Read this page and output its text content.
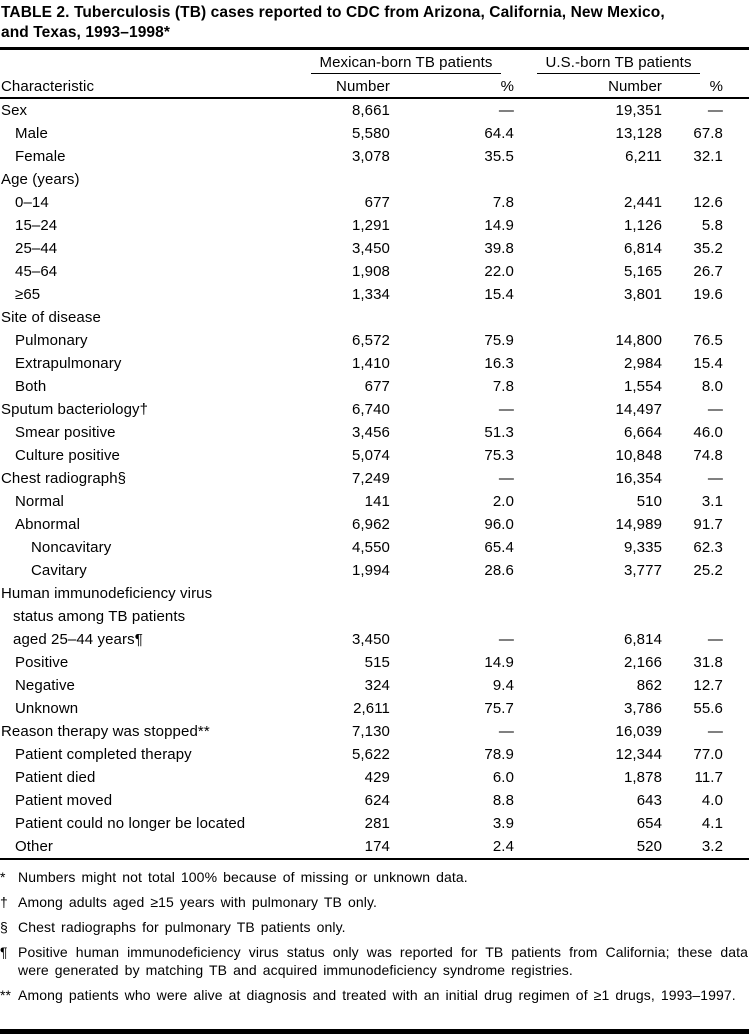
TABLE 2. Tuberculosis (TB) cases reported to CDC from Arizona, California, New Mexico,
and Texas, 1993–1998*
	Mexican-born TB patients		U.S.-born TB patients	
Characteristic	Number	%	Number	%
Sex	8,661	—	19,351	—
Male	5,580	64.4	13,128	67.8
Female	3,078	35.5	6,211	32.1
Age (years)				
0–14	677	7.8	2,441	12.6
15–24	1,291	14.9	1,126	5.8
25–44	3,450	39.8	6,814	35.2
45–64	1,908	22.0	5,165	26.7
≥65	1,334	15.4	3,801	19.6
Site of disease				
Pulmonary	6,572	75.9	14,800	76.5
Extrapulmonary	1,410	16.3	2,984	15.4
Both	677	7.8	1,554	8.0
Sputum bacteriology†	6,740	—	14,497	—
Smear positive	3,456	51.3	6,664	46.0
Culture positive	5,074	75.3	10,848	74.8
Chest radiograph§	7,249	—	16,354	—
Normal	141	2.0	510	3.1
Abnormal	6,962	96.0	14,989	91.7
Noncavitary	4,550	65.4	9,335	62.3
Cavitary	1,994	28.6	3,777	25.2

Human immunodeficiency virus
status among TB patients
aged 25–44 years¶	3,450	—	6,814	—
Positive	515	14.9	2,166	31.8
Negative	324	9.4	862	12.7
Unknown	2,611	75.7	3,786	55.6
Reason therapy was stopped**	7,130	—	16,039	—
Patient completed therapy	5,622	78.9	12,344	77.0
Patient died	429	6.0	1,878	11.7
Patient moved	624	8.8	643	4.0
Patient could no longer be located	281	3.9	654	4.1
Other	174	2.4	520	3.2
* Numbers might not total 100% because of missing or unknown data.
† Among adults aged ≥15 years with pulmonary TB only.
§ Chest radiographs for pulmonary TB patients only.
¶ Positive human immunodeficiency virus status only was reported for TB patients from California; these data were generated by matching TB and acquired immunodeficiency syndrome registries.
** Among patients who were alive at diagnosis and treated with an initial drug regimen of ≥1 drugs, 1993–1997.
